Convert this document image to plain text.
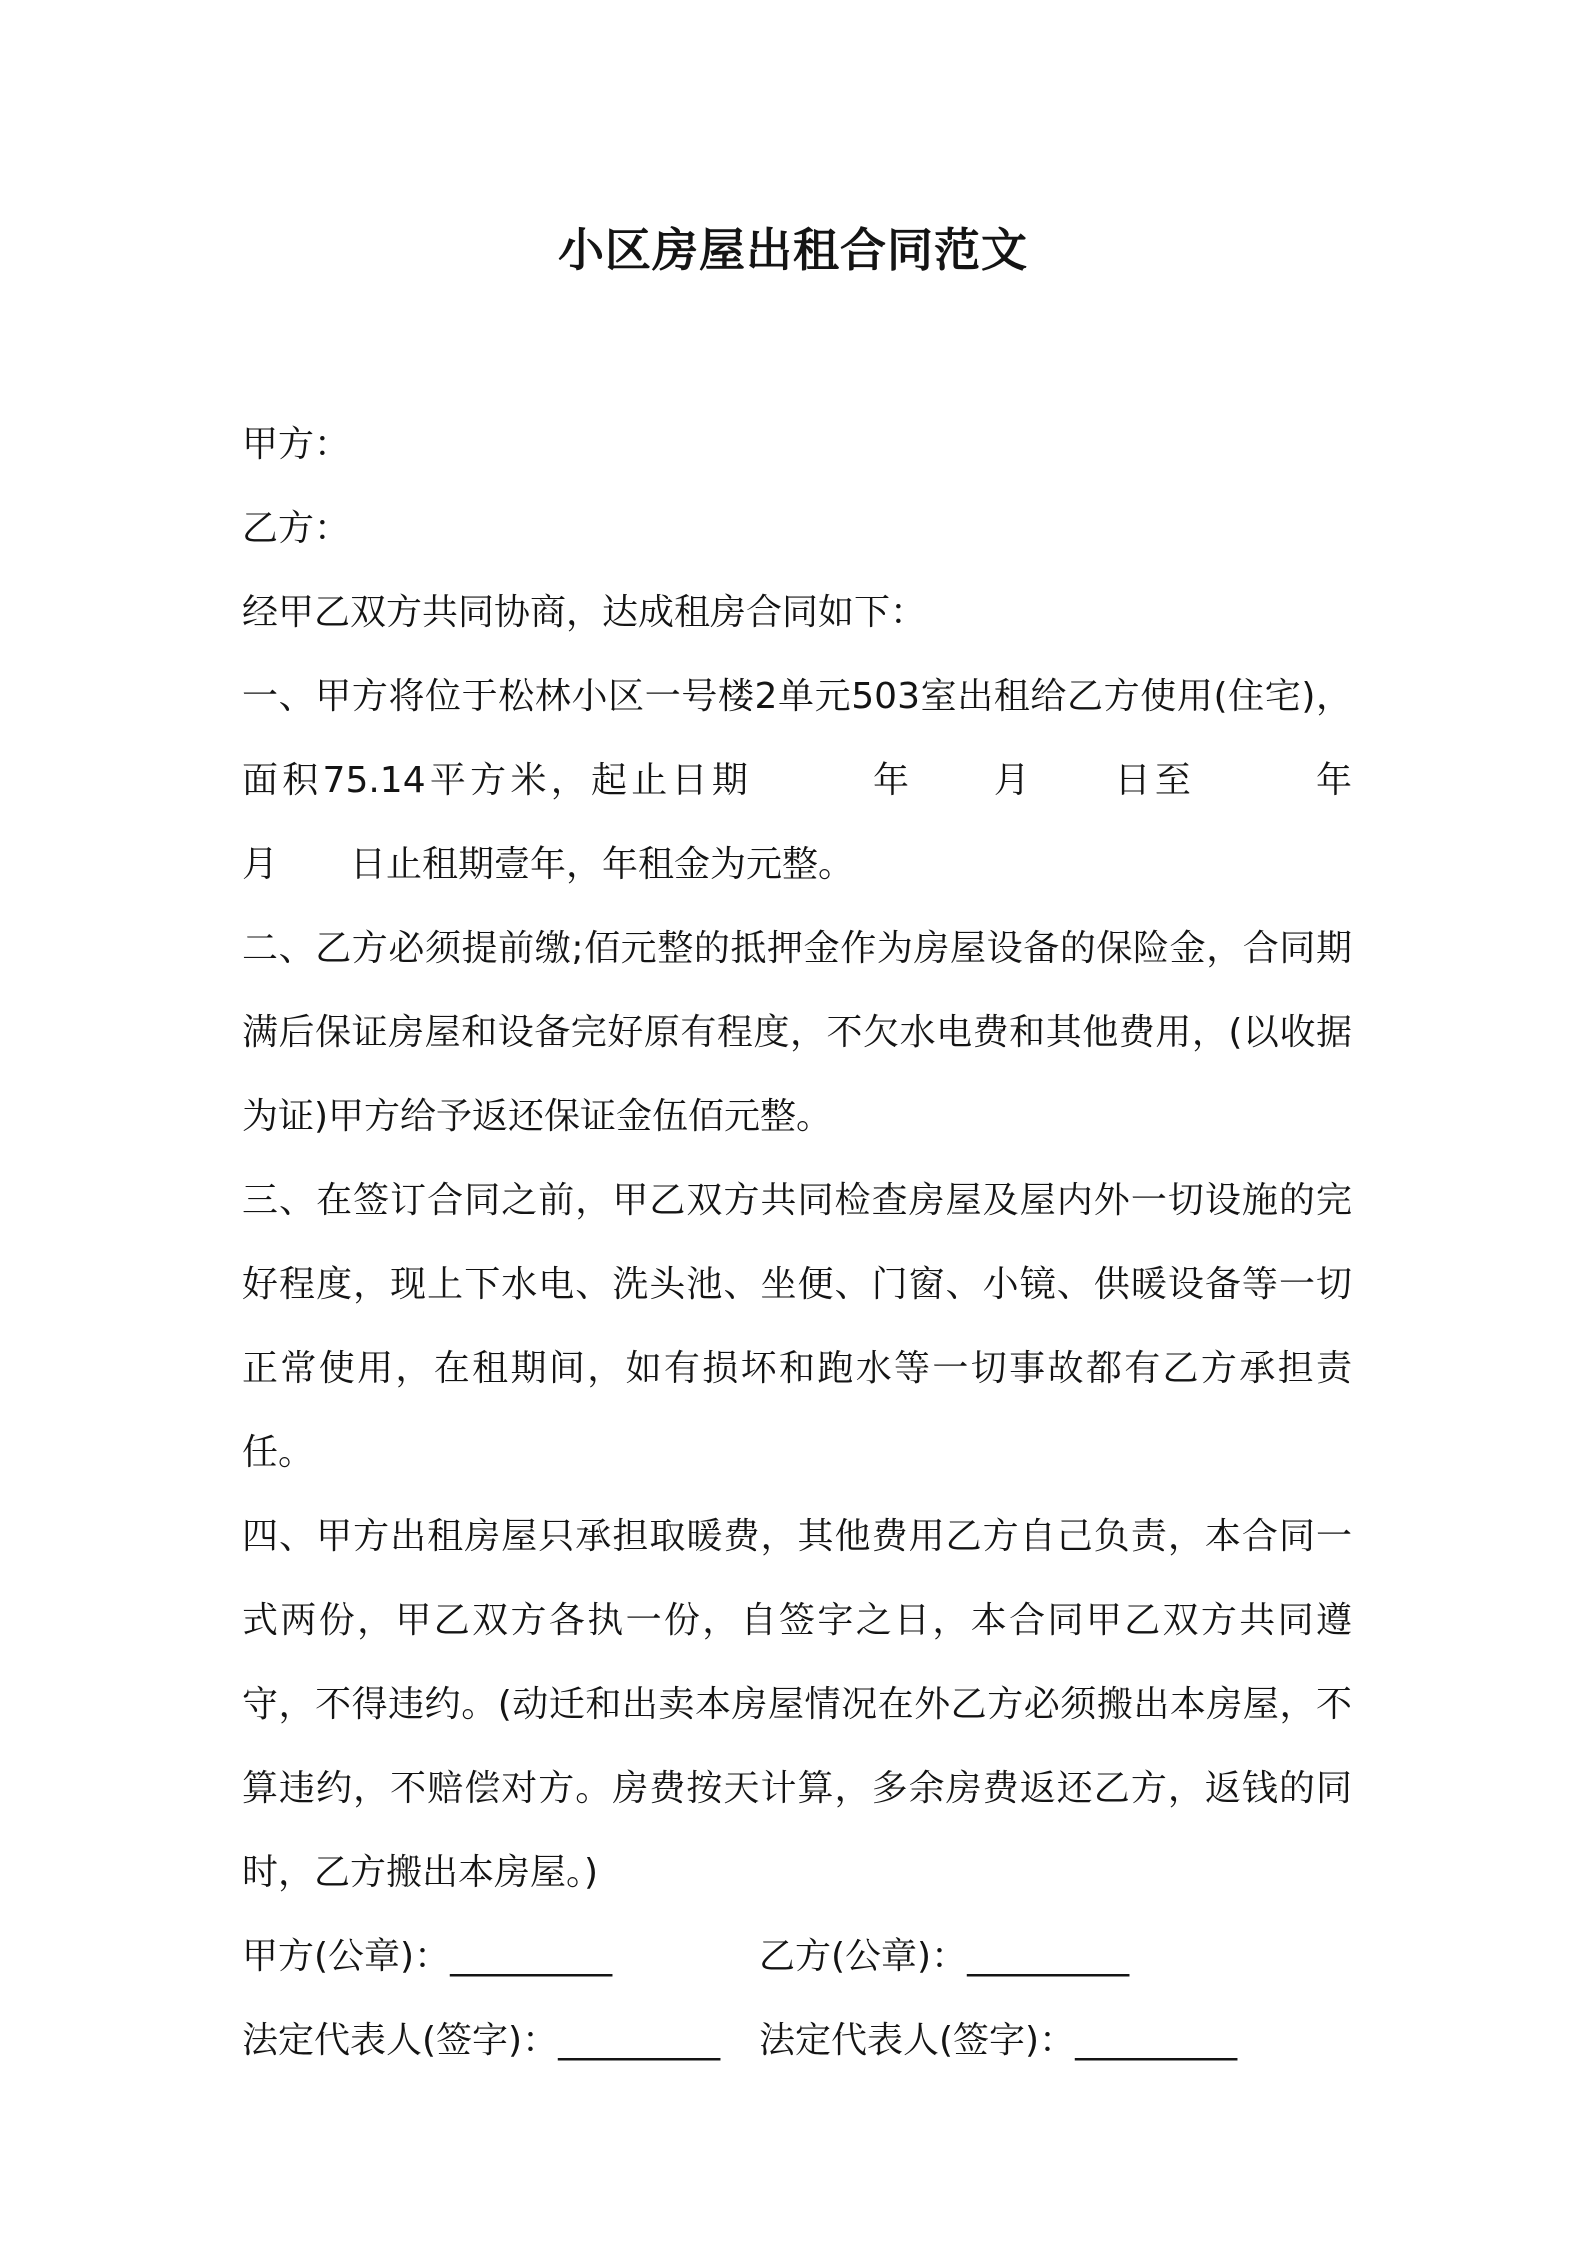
小区房屋出租合同范文

甲方：

乙方：

经甲乙双方共同协商，达成租房合同如下：

一、甲方将位于松林小区一号楼2单元503室出租给乙方使用(住宅)，面积75.14平方米，起止日期　　　年　　月　　日至　　　年　　月　　日止租期壹年，年租金为元整。

二、乙方必须提前缴;佰元整的抵押金作为房屋设备的保险金，合同期满后保证房屋和设备完好原有程度，不欠水电费和其他费用，(以收据为证)甲方给予返还保证金伍佰元整。

三、在签订合同之前，甲乙双方共同检查房屋及屋内外一切设施的完好程度，现上下水电、洗头池、坐便、门窗、小镜、供暖设备等一切正常使用，在租期间，如有损坏和跑水等一切事故都有乙方承担责任。

四、甲方出租房屋只承担取暖费，其他费用乙方自己负责，本合同一式两份，甲乙双方各执一份，自签字之日，本合同甲乙双方共同遵守，不得违约。(动迁和出卖本房屋情况在外乙方必须搬出本房屋，不算违约，不赔偿对方。房费按天计算，多余房费返还乙方，返钱的同时，乙方搬出本房屋。)

甲方(公章)：_________	乙方(公章)：_________
法定代表人(签字)：_________ 法定代表人(签字)：_________
